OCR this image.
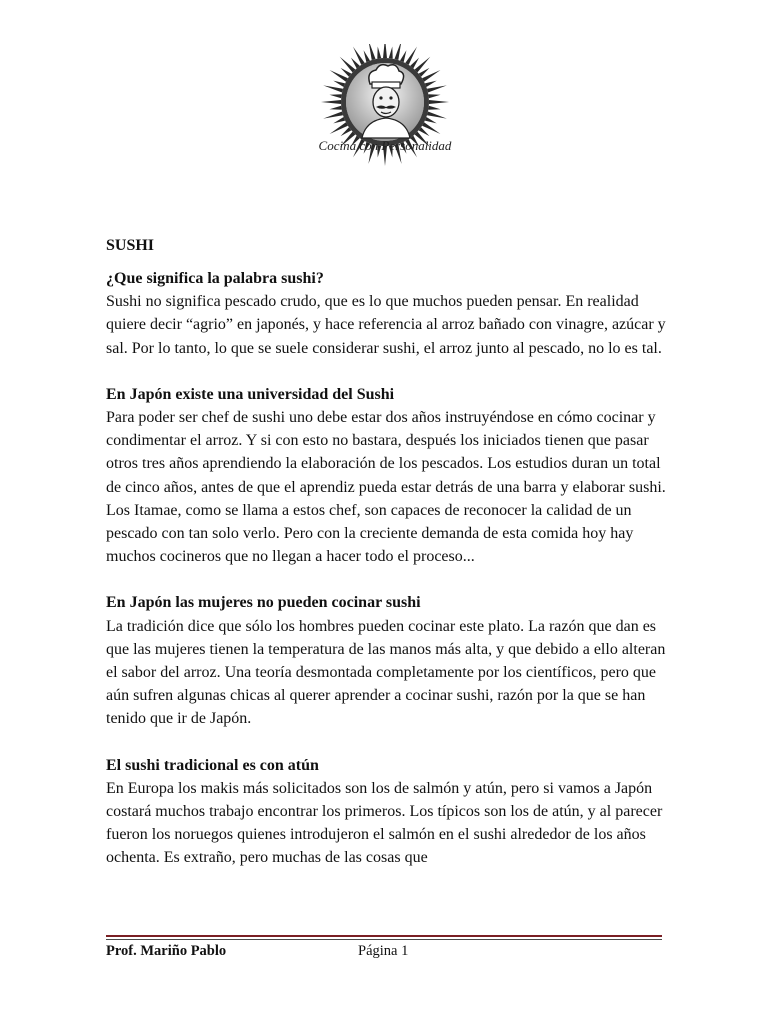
Cocina con Personalidad
SUSHI
¿Que significa la palabra sushi?
Sushi no significa pescado crudo, que es lo que muchos pueden pensar. En realidad quiere decir “agrio” en japonés, y hace referencia al arroz bañado con vinagre, azúcar y sal. Por lo tanto, lo que se suele considerar sushi, el arroz junto al pescado, no lo es tal.
En Japón existe una universidad del Sushi
Para poder ser chef de sushi uno debe estar dos años instruyéndose en cómo cocinar y condimentar el arroz. Y si con esto no bastara, después los iniciados tienen que pasar otros tres años aprendiendo la elaboración de los pescados. Los estudios duran un total de cinco años, antes de que el aprendiz pueda estar detrás de una barra y elaborar sushi. Los Itamae, como se llama a estos chef, son capaces de reconocer la calidad de un pescado con tan solo verlo. Pero con la creciente demanda de esta comida hoy hay muchos cocineros que no llegan a hacer todo el proceso...
En Japón las mujeres no pueden cocinar sushi
La tradición dice que sólo los hombres pueden cocinar este plato. La razón que dan es que las mujeres tienen la temperatura de las manos más alta, y que debido a ello alteran el sabor del arroz. Una teoría desmontada completamente por los científicos, pero que aún sufren algunas chicas al querer aprender a cocinar sushi, razón por la que se han tenido que ir de Japón.
El sushi tradicional es con atún
En Europa los makis más solicitados son los de salmón y atún, pero si vamos a Japón costará muchos trabajo encontrar los primeros. Los típicos son los de atún, y al parecer fueron los noruegos quienes introdujeron el salmón en el sushi alrededor de los años ochenta. Es extraño, pero muchas de las cosas que
Prof. Mariño Pablo	Página 1
